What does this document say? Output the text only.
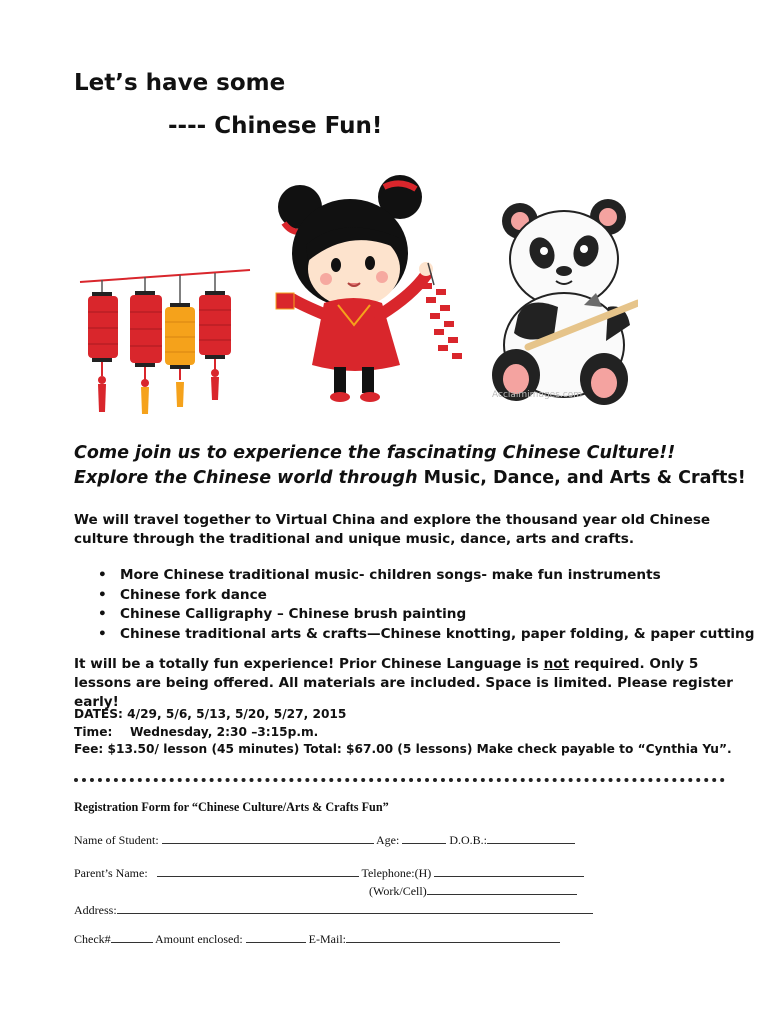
Let’s have some
---- Chinese Fun!
Acclaimimages.com
Come join us to experience the fascinating Chinese Culture!!
Explore the Chinese world through Music, Dance, and Arts & Crafts!
We will travel together to Virtual China and explore the thousand year old Chinese culture through the traditional and unique music, dance, arts and crafts.
• More Chinese traditional music- children songs- make fun instruments
• Chinese fork dance
• Chinese Calligraphy – Chinese brush painting
• Chinese traditional arts & crafts—Chinese knotting, paper folding, & paper cutting
It will be a totally fun experience! Prior Chinese Language is not required. Only 5 lessons are being offered. All materials are included. Space is limited. Please register early!
DATES: 4/29, 5/6, 5/13, 5/20, 5/27, 2015
Time: Wednesday, 2:30 –3:15p.m.
Fee: $13.50/ lesson (45 minutes) Total: $67.00 (5 lessons) Make check payable to “Cynthia Yu”.
Registration Form for “Chinese Culture/Arts & Crafts Fun”
Name of Student:	Age:	D.O.B.:
Parent’s Name:	Telephone:(H)
(Work/Cell)
Address:
Check#	Amount enclosed:	E-Mail:
